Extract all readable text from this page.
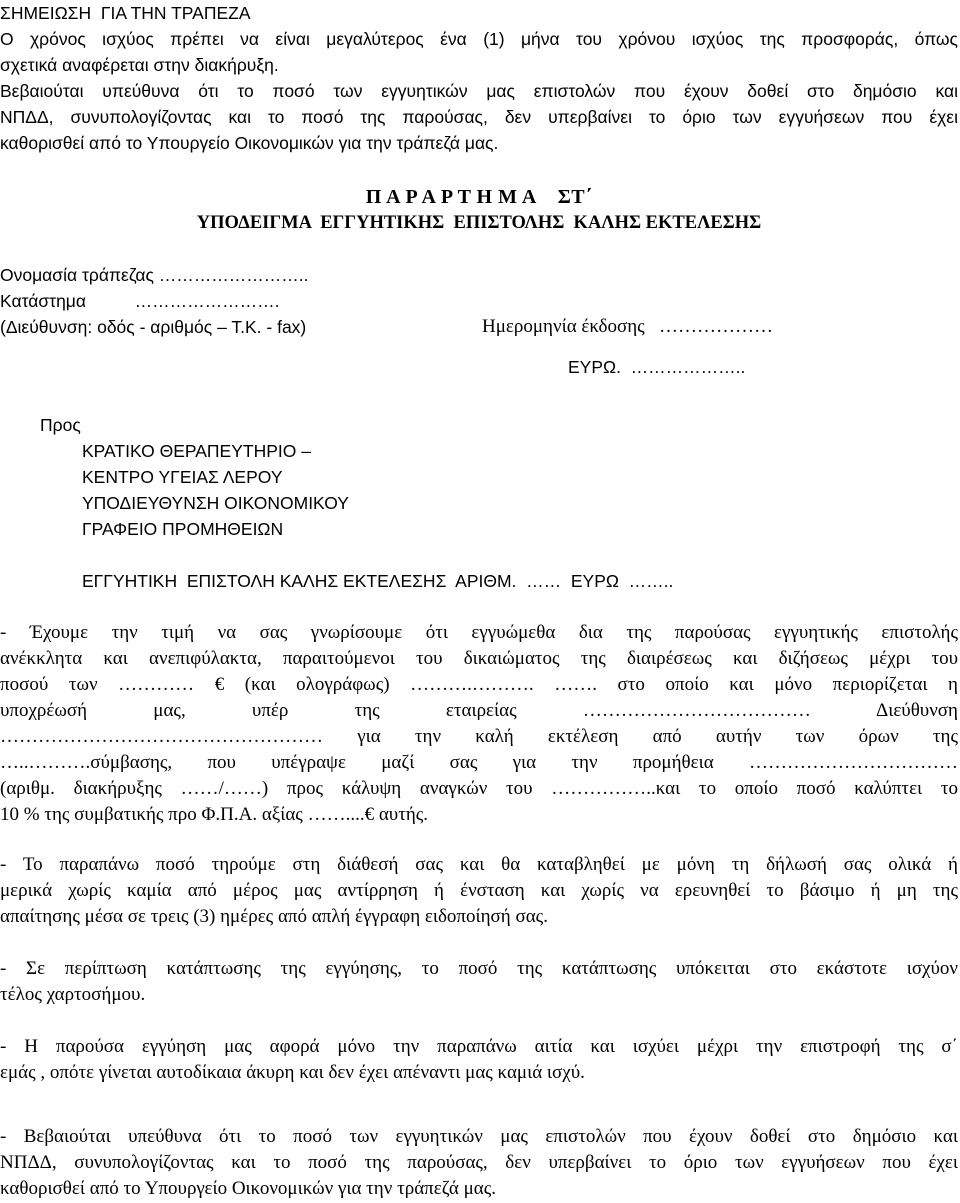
ΣΗΜΕΙΩΣΗ  ΓΙΑ ΤΗΝ ΤΡΑΠΕΖΑ
Ο χρόνος ισχύος πρέπει να είναι μεγαλύτερος ένα (1) μήνα του χρόνου ισχύος της προσφοράς, όπως
σχετικά αναφέρεται στην διακήρυξη.
Βεβαιούται υπεύθυνα ότι το ποσό των εγγυητικών μας επιστολών που έχουν δοθεί στο δημόσιο και
ΝΠΔΔ, συνυπολογίζοντας και το ποσό της παρούσας, δεν υπερβαίνει το όριο των εγγυήσεων που έχει
καθορισθεί από το Υπουργείο Οικονομικών για την τράπεζά μας.
Π Α Ρ Α Ρ Τ Η Μ Α    ΣΤ΄
ΥΠΟΔΕΙΓΜΑ  ΕΓΓΥΗΤΙΚΗΣ  ΕΠΙΣΤΟΛΗΣ  ΚΑΛΗΣ ΕΚΤΕΛΕΣΗΣ
Ονομασία τράπεζας ……………………..
Κατάστημα          …………………….
(Διεύθυνση: οδός - αριθμός – Τ.Κ. - fax)	Ημερομηνία έκδοσης   ………………
ΕΥΡΩ.  ………………..
Προς
ΚΡΑΤΙΚΟ ΘΕΡΑΠΕΥΤΗΡΙΟ –
ΚΕΝΤΡΟ ΥΓΕΙΑΣ ΛΕΡΟΥ
ΥΠΟΔΙΕΥΘΥΝΣΗ ΟΙΚΟΝΟΜΙΚΟΥ
ΓΡΑΦΕΙΟ ΠΡΟΜΗΘΕΙΩΝ
ΕΓΓΥΗΤΙΚΗ  ΕΠΙΣΤΟΛΗ ΚΑΛΗΣ ΕΚΤΕΛΕΣΗΣ  ΑΡΙΘΜ.  ……  ΕΥΡΩ  ……..
- Έχουμε την τιμή να σας γνωρίσουμε ότι εγγυώμεθα δια της παρούσας εγγυητικής επιστολής
ανέκκλητα και ανεπιφύλακτα, παραιτούμενοι του δικαιώματος της διαιρέσεως και διζήσεως μέχρι του
ποσού των ………… € (και ολογράφως) ……….………. ……. στο οποίο και μόνο περιορίζεται η
υποχρέωσή μας, υπέρ της εταιρείας ……………………………… Διεύθυνση
…………………………………………… για την καλή εκτέλεση από αυτήν των όρων της
…..……….σύμβασης, που υπέγραψε μαζί σας για την προμήθεια ……………………………
(αριθμ. διακήρυξης ……/……) προς κάλυψη αναγκών του ……………..και το οποίο ποσό καλύπτει το
10 % της συμβατικής προ Φ.Π.Α. αξίας ……....€ αυτής.
- Το παραπάνω ποσό τηρούμε στη διάθεσή σας και θα καταβληθεί με μόνη τη δήλωσή σας ολικά ή
μερικά χωρίς καμία από μέρος μας αντίρρηση ή ένσταση και χωρίς να ερευνηθεί το βάσιμο ή μη της
απαίτησης μέσα σε τρεις (3) ημέρες από απλή έγγραφη ειδοποίησή σας.
- Σε περίπτωση κατάπτωσης της εγγύησης, το ποσό της κατάπτωσης υπόκειται στο εκάστοτε ισχύον
τέλος χαρτοσήμου.
- Η παρούσα εγγύηση μας αφορά μόνο την παραπάνω αιτία και ισχύει μέχρι την επιστροφή της σ΄
εμάς , οπότε γίνεται αυτοδίκαια άκυρη και δεν έχει απέναντι μας καμιά ισχύ.
- Βεβαιούται υπεύθυνα ότι το ποσό των εγγυητικών μας επιστολών που έχουν δοθεί στο δημόσιο και
ΝΠΔΔ, συνυπολογίζοντας και το ποσό της παρούσας, δεν υπερβαίνει το όριο των εγγυήσεων που έχει
καθορισθεί από το Υπουργείο Οικονομικών για την τράπεζά μας.
